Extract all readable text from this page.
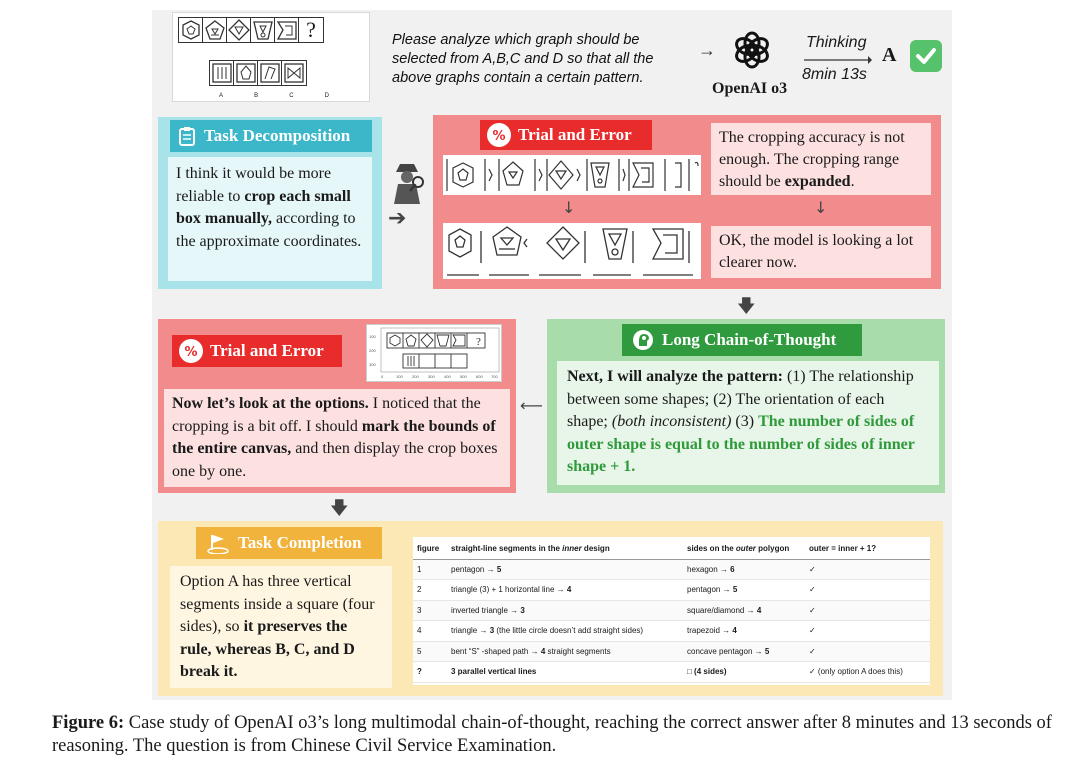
?
A	B	C	D
Please analyze which graph should be selected from A,B,C and D so that all the above graphs contain a certain pattern.
→
OpenAI o3
Thinking
8min 13s
A
Task Decomposition
I think it would be more reliable to crop each small box manually, according to the approximate coordinates.
➔
% Trial and Error
↓
The cropping accuracy is not enough. The cropping range should be expanded.
↓
OK, the model is looking a lot clearer now.
🡇
% Trial and Error	?
100
200
300
0	100 200 300 400 500 600 700
Now let’s look at the options. I noticed that the cropping is a bit off. I should mark the bounds of the entire canvas, and then display the crop boxes one by one.
⟵
Long Chain-of-Thought
Next, I will analyze the pattern: (1) The relationship between some shapes; (2) The orientation of each shape; (both inconsistent) (3) The number of sides of outer shape is equal to the number of sides of inner shape + 1.
🡇
Task Completion
Option A has three vertical segments inside a square (four sides), so it preserves the rule, whereas B, C, and D break it.
figure	straight-line segments in the inner design	sides on the outer polygon	outer = inner + 1?
1	pentagon → 5	hexagon → 6	✓
2	triangle (3) + 1 horizontal line → 4	pentagon → 5	✓
3	inverted triangle → 3	square/diamond → 4	✓
4	triangle → 3 (the little circle doesn’t add straight sides)	trapezoid → 4	✓
5	bent “S” -shaped path → 4 straight segments	concave pentagon → 5	✓
?	3 parallel vertical lines	□ (4 sides)	✓ (only option A does this)
Figure 6: Case study of OpenAI o3’s long multimodal chain-of-thought, reaching the correct answer after 8 minutes and 13 seconds of reasoning. The question is from Chinese Civil Service Examination.
